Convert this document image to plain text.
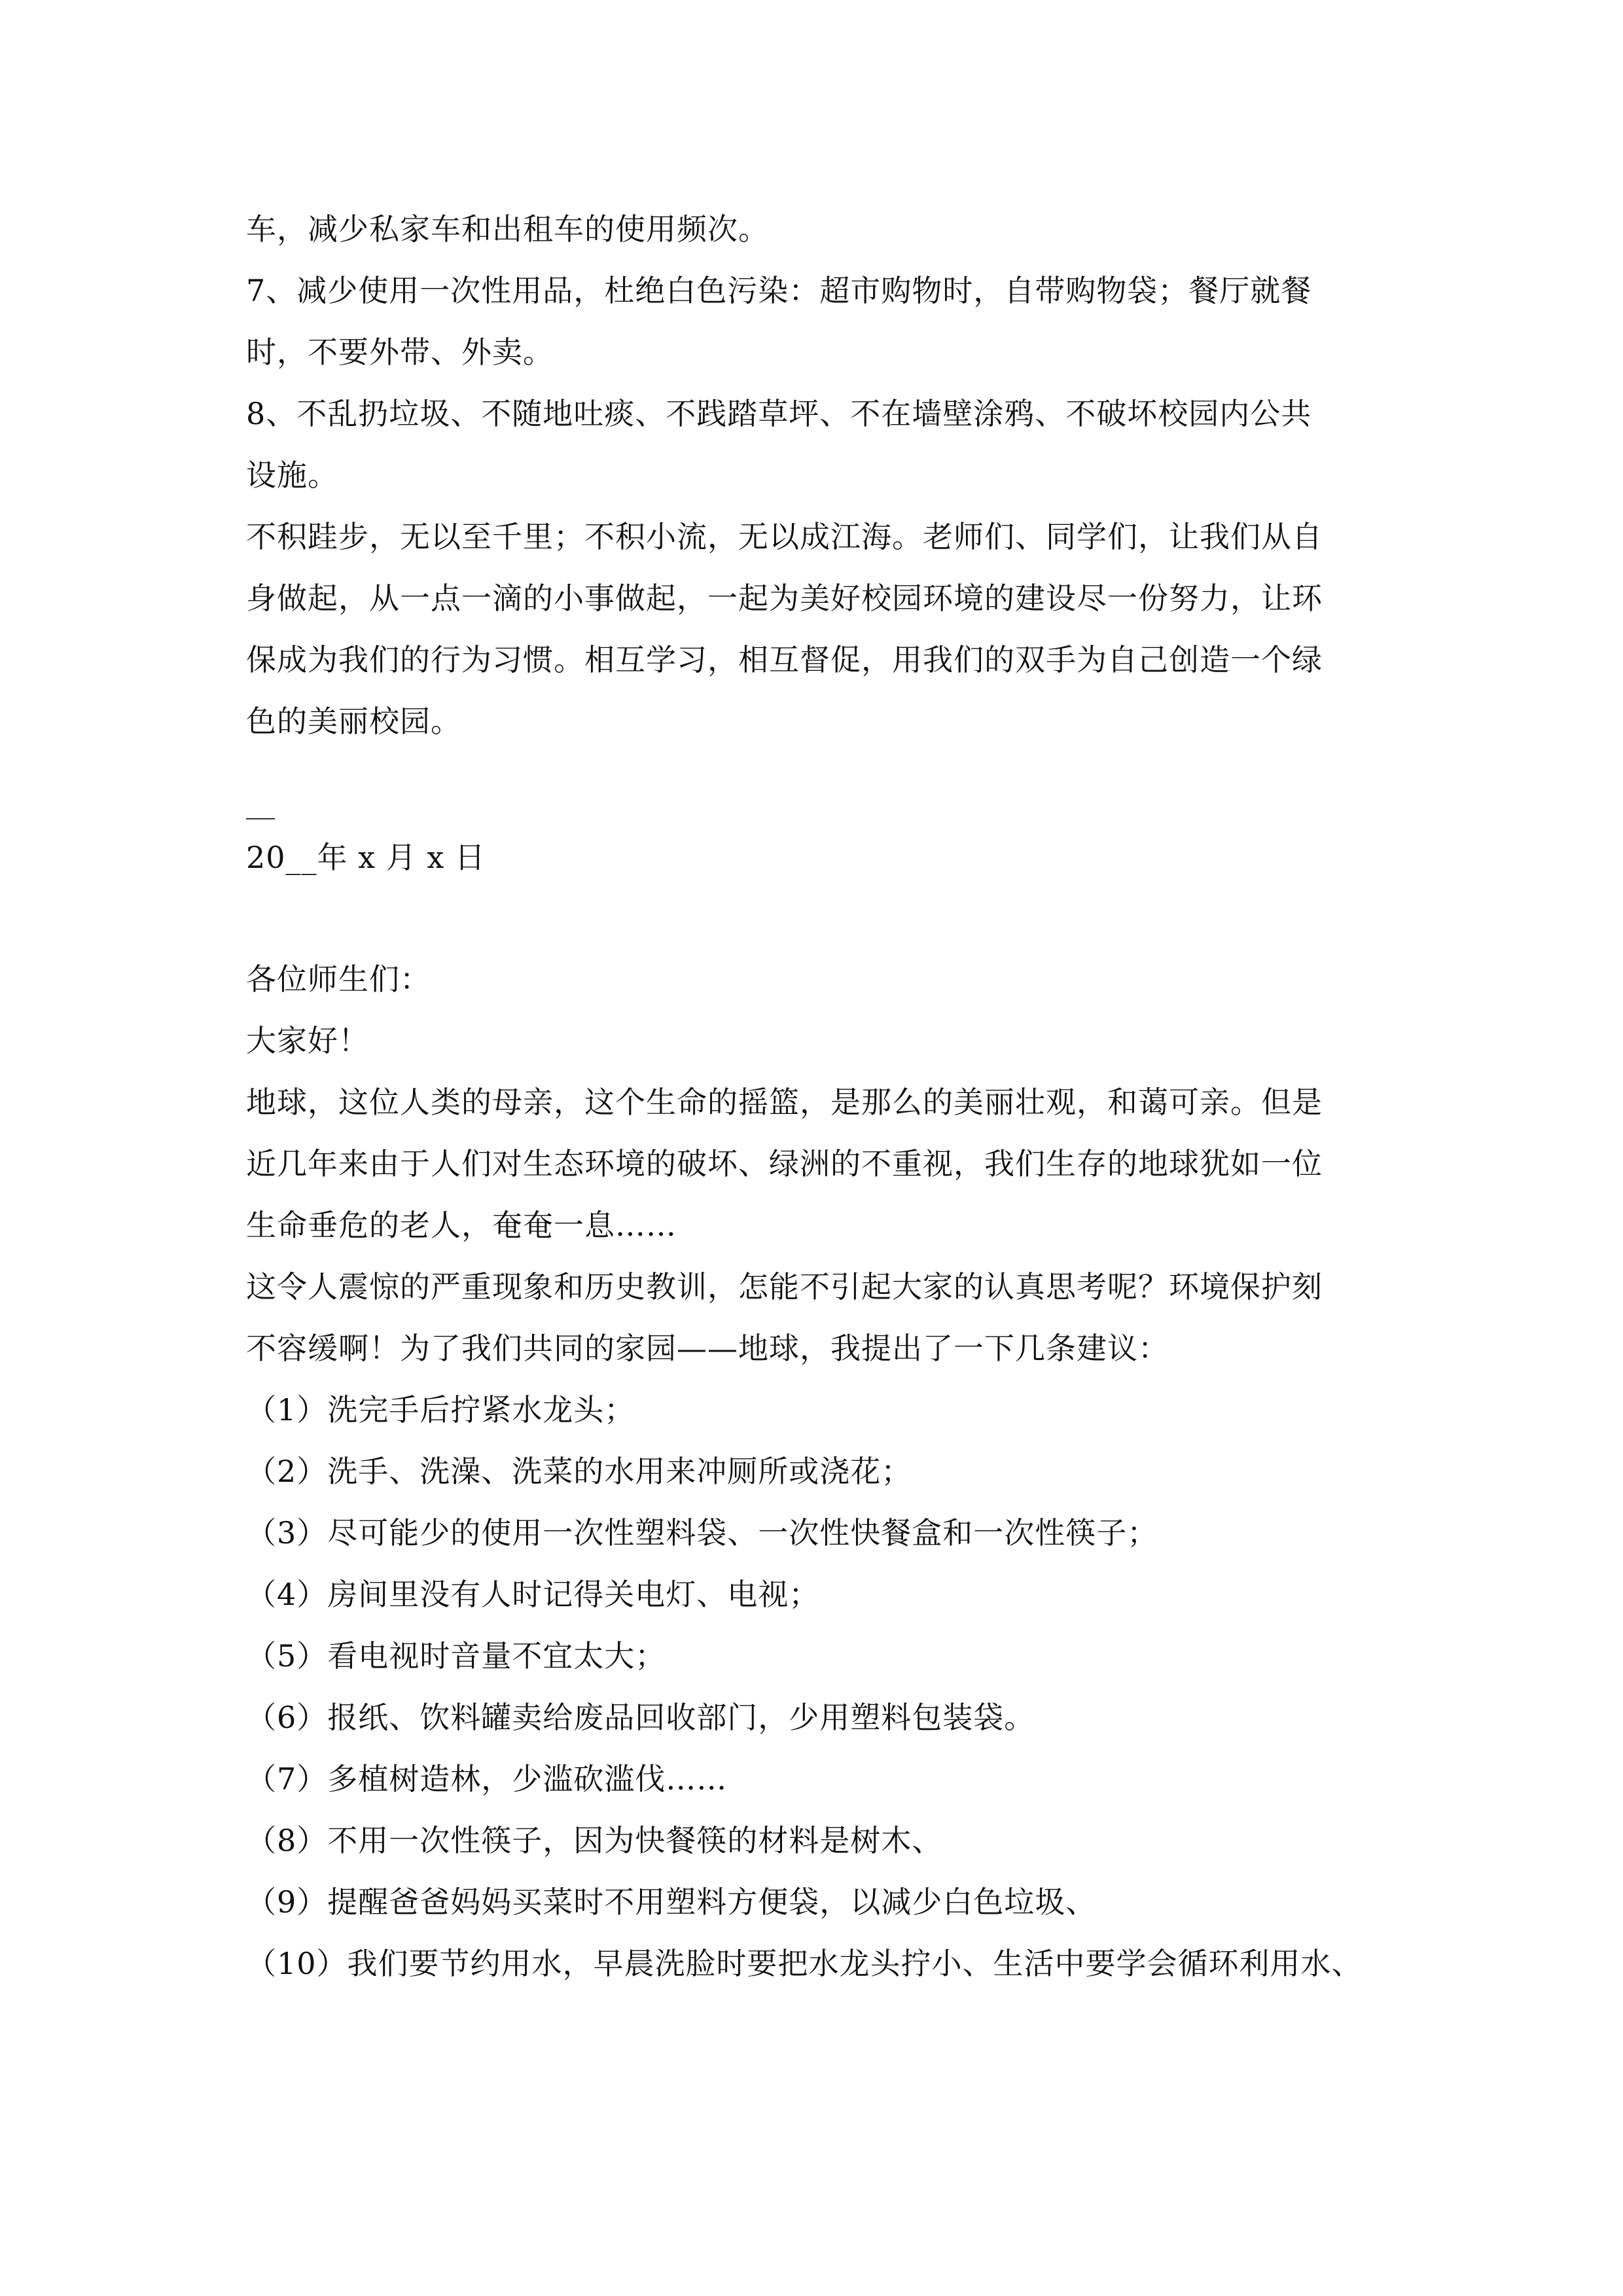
车，减少私家车和出租车的使用频次。
7、减少使用一次性用品，杜绝白色污染：超市购物时，自带购物袋；餐厅就餐
时，不要外带、外卖。
8、不乱扔垃圾、不随地吐痰、不践踏草坪、不在墙壁涂鸦、不破坏校园内公共
设施。
不积跬步，无以至千里；不积小流，无以成江海。老师们、同学们，让我们从自
身做起，从一点一滴的小事做起，一起为美好校园环境的建设尽一份努力，让环
保成为我们的行为习惯。相互学习，相互督促，用我们的双手为自己创造一个绿
色的美丽校园。
20__年 x 月 x 日
各位师生们：
大家好！
地球，这位人类的母亲，这个生命的摇篮，是那么的美丽壮观，和蔼可亲。但是
近几年来由于人们对生态环境的破坏、绿洲的不重视，我们生存的地球犹如一位
生命垂危的老人，奄奄一息……
这令人震惊的严重现象和历史教训，怎能不引起大家的认真思考呢？环境保护刻
不容缓啊！为了我们共同的家园——地球，我提出了一下几条建议：
（1）洗完手后拧紧水龙头；
（2）洗手、洗澡、洗菜的水用来冲厕所或浇花；
（3）尽可能少的使用一次性塑料袋、一次性快餐盒和一次性筷子；
（4）房间里没有人时记得关电灯、电视；
（5）看电视时音量不宜太大；
（6）报纸、饮料罐卖给废品回收部门，少用塑料包装袋。
（7）多植树造林，少滥砍滥伐……
（8）不用一次性筷子，因为快餐筷的材料是树木、
（9）提醒爸爸妈妈买菜时不用塑料方便袋，以减少白色垃圾、
（10）我们要节约用水，早晨洗脸时要把水龙头拧小、生活中要学会循环利用水、
